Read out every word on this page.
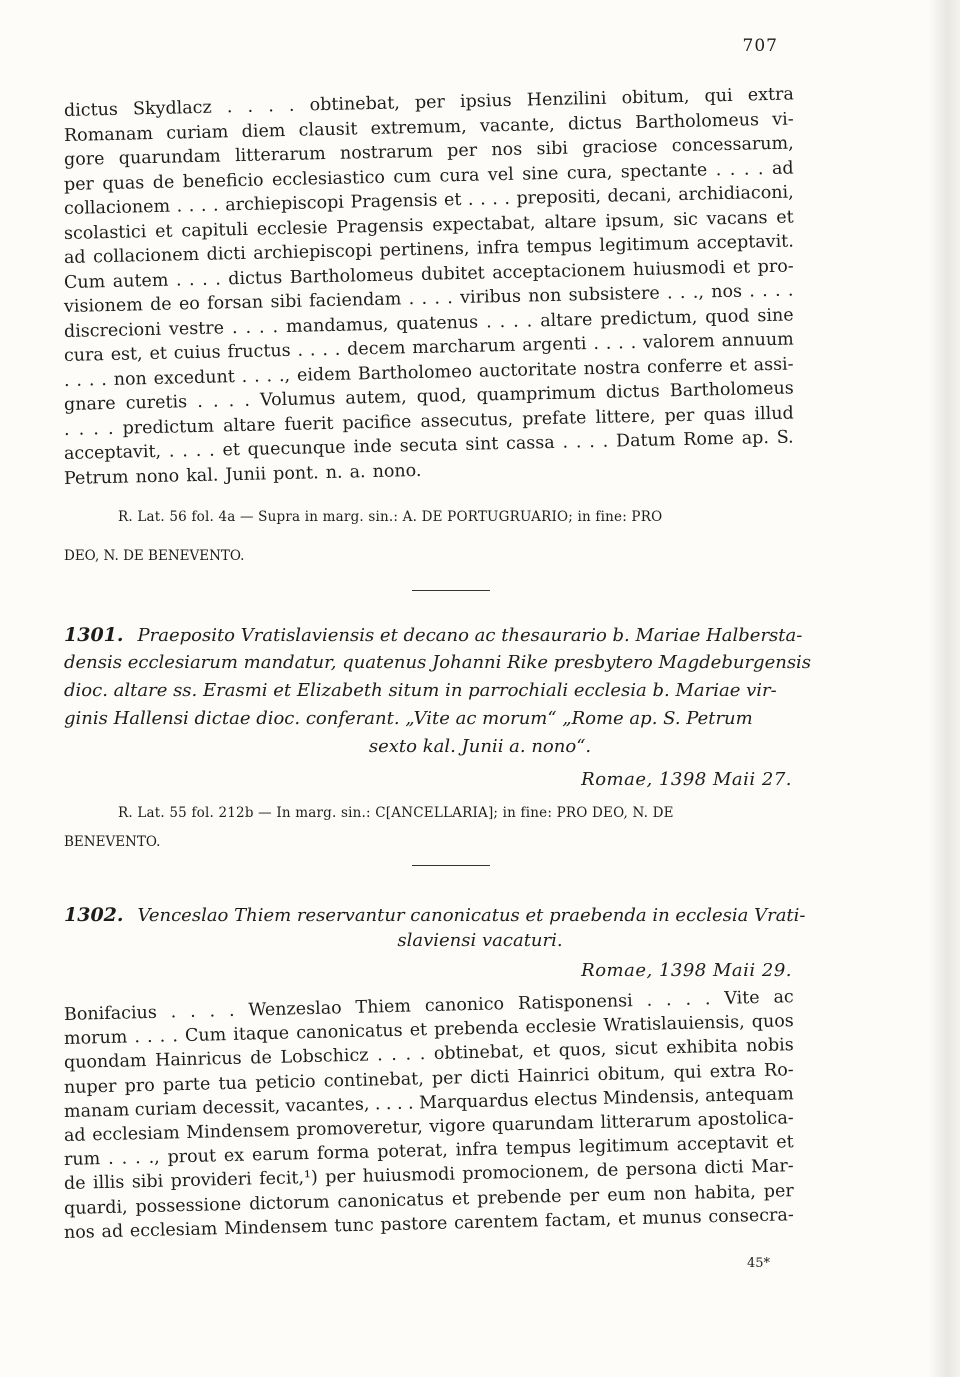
707
dictus Skydlacz . . . . obtinebat, per ipsius Henzilini obitum, qui extra
Romanam curiam diem clausit extremum, vacante, dictus Bartholomeus vi-
gore quarundam litterarum nostrarum per nos sibi graciose concessarum,
per quas de beneficio ecclesiastico cum cura vel sine cura, spectante . . . . ad
collacionem . . . . archiepiscopi Pragensis et . . . . prepositi, decani, archidiaconi,
scolastici et capituli ecclesie Pragensis expectabat, altare ipsum, sic vacans et
ad collacionem dicti archiepiscopi pertinens, infra tempus legitimum acceptavit.
Cum autem . . . . dictus Bartholomeus dubitet acceptacionem huiusmodi et pro-
visionem de eo forsan sibi faciendam . . . . viribus non subsistere . . ., nos . . . .
discrecioni vestre . . . . mandamus, quatenus . . . . altare predictum, quod sine
cura est, et cuius fructus . . . . decem marcharum argenti . . . . valorem annuum
. . . . non excedunt . . . ., eidem Bartholomeo auctoritate nostra conferre et assi-
gnare curetis . . . . Volumus autem, quod, quamprimum dictus Bartholomeus
. . . . predictum altare fuerit pacifice assecutus, prefate littere, per quas illud
acceptavit, . . . . et quecunque inde secuta sint cassa . . . . Datum Rome ap. S.
Petrum nono kal. Junii pont. n. a. nono.
R. Lat. 56 fol. 4a — Supra in marg. sin.: A. DE PORTUGRUARIO; in fine: PRO
DEO, N. DE BENEVENTO.
1301. Praeposito Vratislaviensis et decano ac thesaurario b. Mariae Halbersta-
densis ecclesiarum mandatur, quatenus Johanni Rike presbytero Magdeburgensis
dioc. altare ss. Erasmi et Elizabeth situm in parrochiali ecclesia b. Mariae vir-
ginis Hallensi dictae dioc. conferant. „Vite ac morum“ „Rome ap. S. Petrum
sexto kal. Junii a. nono“.
Romae, 1398 Maii 27.
R. Lat. 55 fol. 212b — In marg. sin.: C[ANCELLARIA]; in fine: PRO DEO, N. DE
BENEVENTO.
1302. Venceslao Thiem reservantur canonicatus et praebenda in ecclesia Vrati-
slaviensi vacaturi.
Romae, 1398 Maii 29.
Bonifacius . . . . Wenzeslao Thiem canonico Ratisponensi . . . . Vite ac
morum . . . . Cum itaque canonicatus et prebenda ecclesie Wratislauiensis, quos
quondam Hainricus de Lobschicz . . . . obtinebat, et quos, sicut exhibita nobis
nuper pro parte tua peticio continebat, per dicti Hainrici obitum, qui extra Ro-
manam curiam decessit, vacantes, . . . . Marquardus electus Mindensis, antequam
ad ecclesiam Mindensem promoveretur, vigore quarundam litterarum apostolica-
rum . . . ., prout ex earum forma poterat, infra tempus legitimum acceptavit et
de illis sibi provideri fecit,¹) per huiusmodi promocionem, de persona dicti Mar-
quardi, possessione dictorum canonicatus et prebende per eum non habita, per
nos ad ecclesiam Mindensem tunc pastore carentem factam, et munus consecra-
45*
